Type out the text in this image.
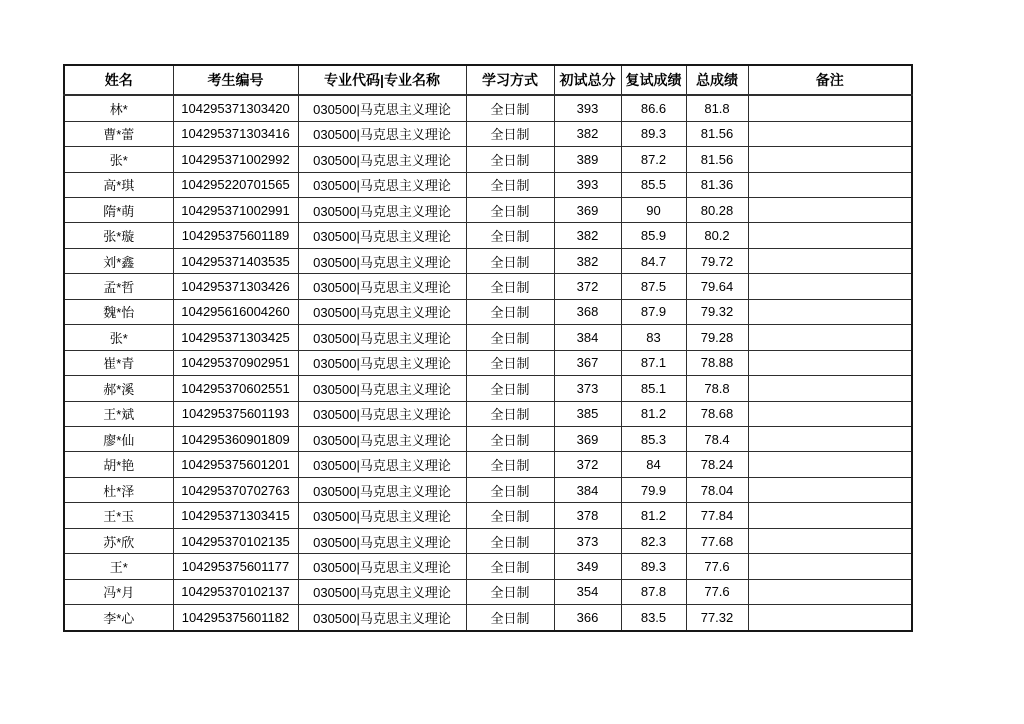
姓名	考生编号	专业代码|专业名称	学习方式	初试总分	复试成绩	总成绩	备注
林*	104295371303420	030500|马克思主义理论	全日制	393	86.6	81.8	
曹*蕾	104295371303416	030500|马克思主义理论	全日制	382	89.3	81.56	
张*	104295371002992	030500|马克思主义理论	全日制	389	87.2	81.56	
高*琪	104295220701565	030500|马克思主义理论	全日制	393	85.5	81.36	
隋*萌	104295371002991	030500|马克思主义理论	全日制	369	90	80.28	
张*璇	104295375601189	030500|马克思主义理论	全日制	382	85.9	80.2	
刘*鑫	104295371403535	030500|马克思主义理论	全日制	382	84.7	79.72	
孟*哲	104295371303426	030500|马克思主义理论	全日制	372	87.5	79.64	
魏*怡	104295616004260	030500|马克思主义理论	全日制	368	87.9	79.32	
张*	104295371303425	030500|马克思主义理论	全日制	384	83	79.28	
崔*青	104295370902951	030500|马克思主义理论	全日制	367	87.1	78.88	
郝*溪	104295370602551	030500|马克思主义理论	全日制	373	85.1	78.8	
王*斌	104295375601193	030500|马克思主义理论	全日制	385	81.2	78.68	
廖*仙	104295360901809	030500|马克思主义理论	全日制	369	85.3	78.4	
胡*艳	104295375601201	030500|马克思主义理论	全日制	372	84	78.24	
杜*泽	104295370702763	030500|马克思主义理论	全日制	384	79.9	78.04	
王*玉	104295371303415	030500|马克思主义理论	全日制	378	81.2	77.84	
苏*欣	104295370102135	030500|马克思主义理论	全日制	373	82.3	77.68	
王*	104295375601177	030500|马克思主义理论	全日制	349	89.3	77.6	
冯*月	104295370102137	030500|马克思主义理论	全日制	354	87.8	77.6	
李*心	104295375601182	030500|马克思主义理论	全日制	366	83.5	77.32	
